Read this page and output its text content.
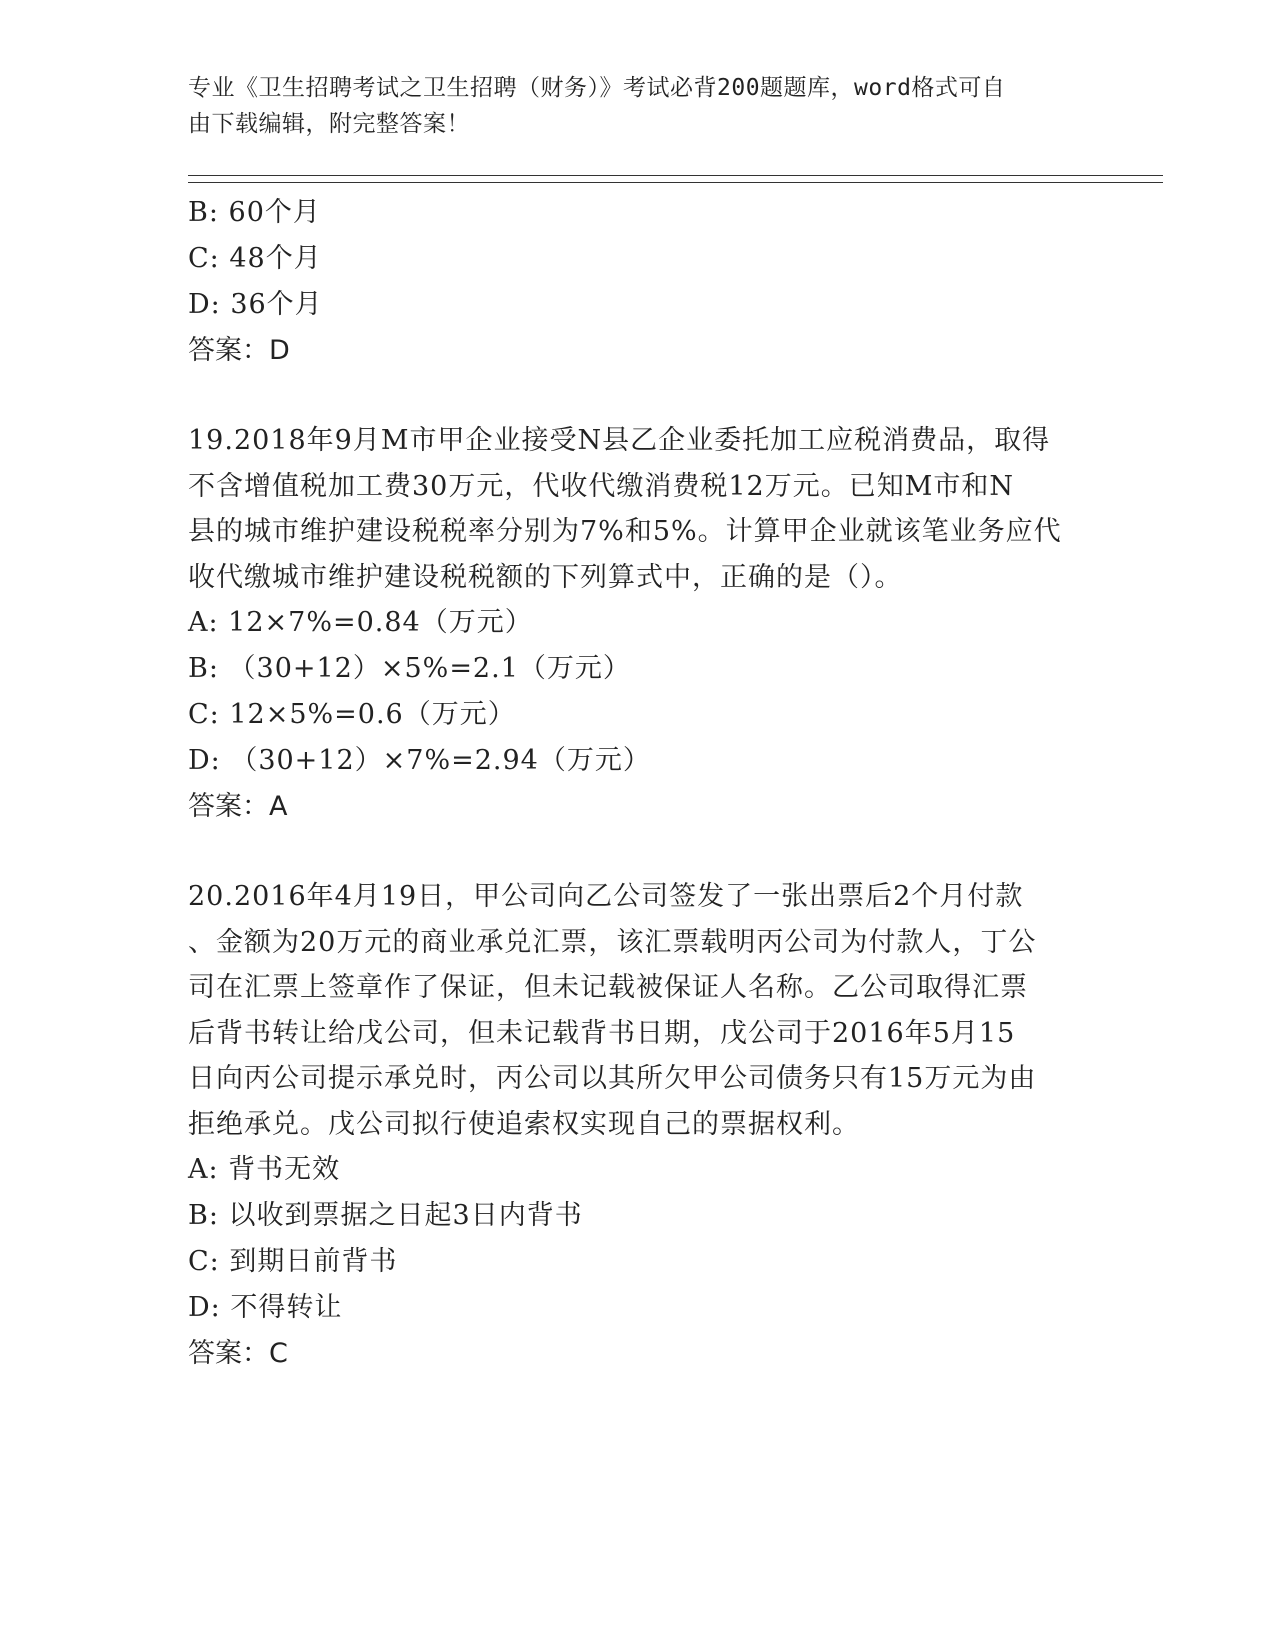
专业《卫生招聘考试之卫生招聘（财务）》考试必背200题题库，word格式可自
由下载编辑，附完整答案！
B: 60个月
C: 48个月
D: 36个月
答案：D
19.2018年9月M市甲企业接受N县乙企业委托加工应税消费品，取得
不含增值税加工费30万元，代收代缴消费税12万元。已知M市和N
县的城市维护建设税税率分别为7%和5%。计算甲企业就该笔业务应代
收代缴城市维护建设税税额的下列算式中，正确的是（）。
A: 12×7%=0.84（万元）
B: （30+12）×5%=2.1（万元）
C: 12×5%=0.6（万元）
D: （30+12）×7%=2.94（万元）
答案：A
20.2016年4月19日，甲公司向乙公司签发了一张出票后2个月付款
、金额为20万元的商业承兑汇票，该汇票载明丙公司为付款人，丁公
司在汇票上签章作了保证，但未记载被保证人名称。乙公司取得汇票
后背书转让给戊公司，但未记载背书日期，戊公司于2016年5月15
日向丙公司提示承兑时，丙公司以其所欠甲公司债务只有15万元为由
拒绝承兑。戊公司拟行使追索权实现自己的票据权利。
A: 背书无效
B: 以收到票据之日起3日内背书
C: 到期日前背书
D: 不得转让
答案：C
